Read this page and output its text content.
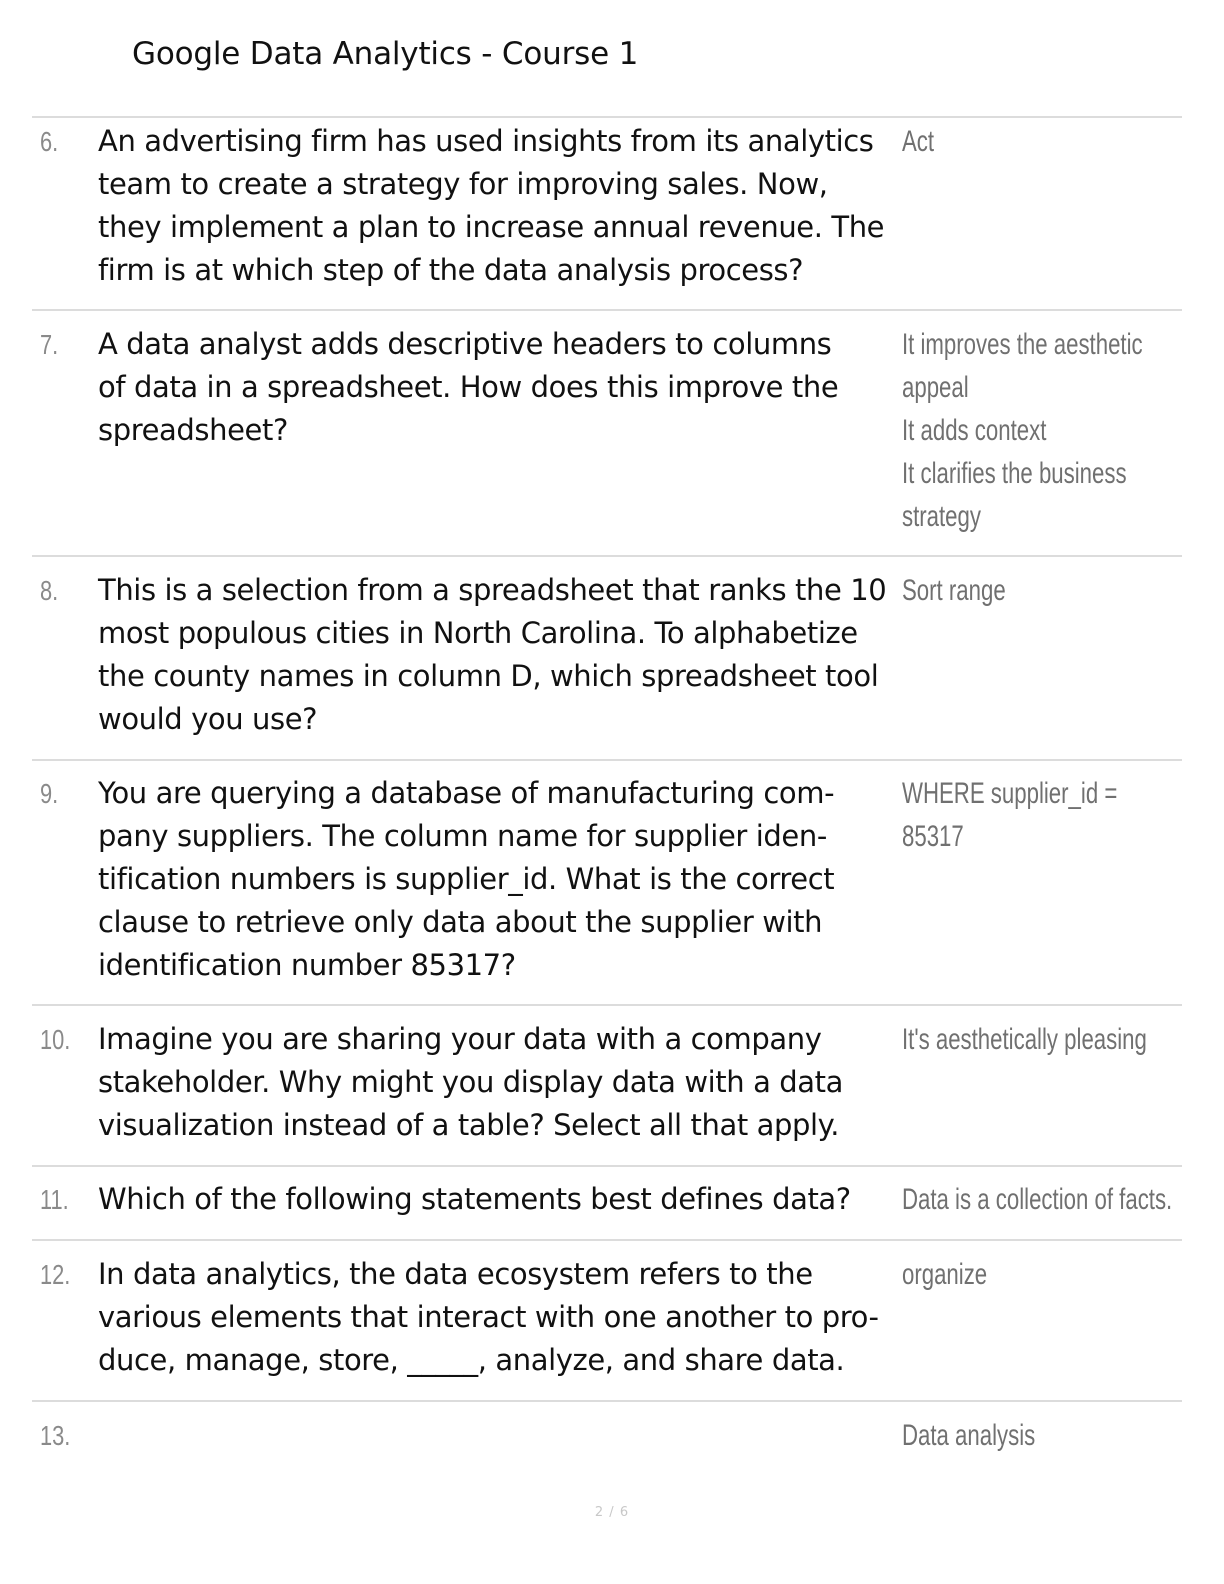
Google Data Analytics - Course 1
6. An advertising firm has used insights from its analytics
team to create a strategy for improving sales. Now,
they implement a plan to increase annual revenue. The
firm is at which step of the data analysis process?
Act
7. A data analyst adds descriptive headers to columns
of data in a spreadsheet. How does this improve the
spreadsheet?
It improves the aesthetic
appeal
It adds context
It clarifies the business
strategy
8. This is a selection from a spreadsheet that ranks the 10
most populous cities in North Carolina. To alphabetize
the county names in column D, which spreadsheet tool
would you use?
Sort range
9. You are querying a database of manufacturing com-
pany suppliers. The column name for supplier iden-
tification numbers is supplier_id. What is the correct
clause to retrieve only data about the supplier with
identification number 85317?
WHERE supplier_id =
85317
10. Imagine you are sharing your data with a company
stakeholder. Why might you display data with a data
visualization instead of a table? Select all that apply.
It's aesthetically pleasing
11. Which of the following statements best defines data?	Data is a collection of facts.
12. In data analytics, the data ecosystem refers to the
various elements that interact with one another to pro-
duce, manage, store, _____, analyze, and share data.
organize
13.	Data analysis
2 / 6
